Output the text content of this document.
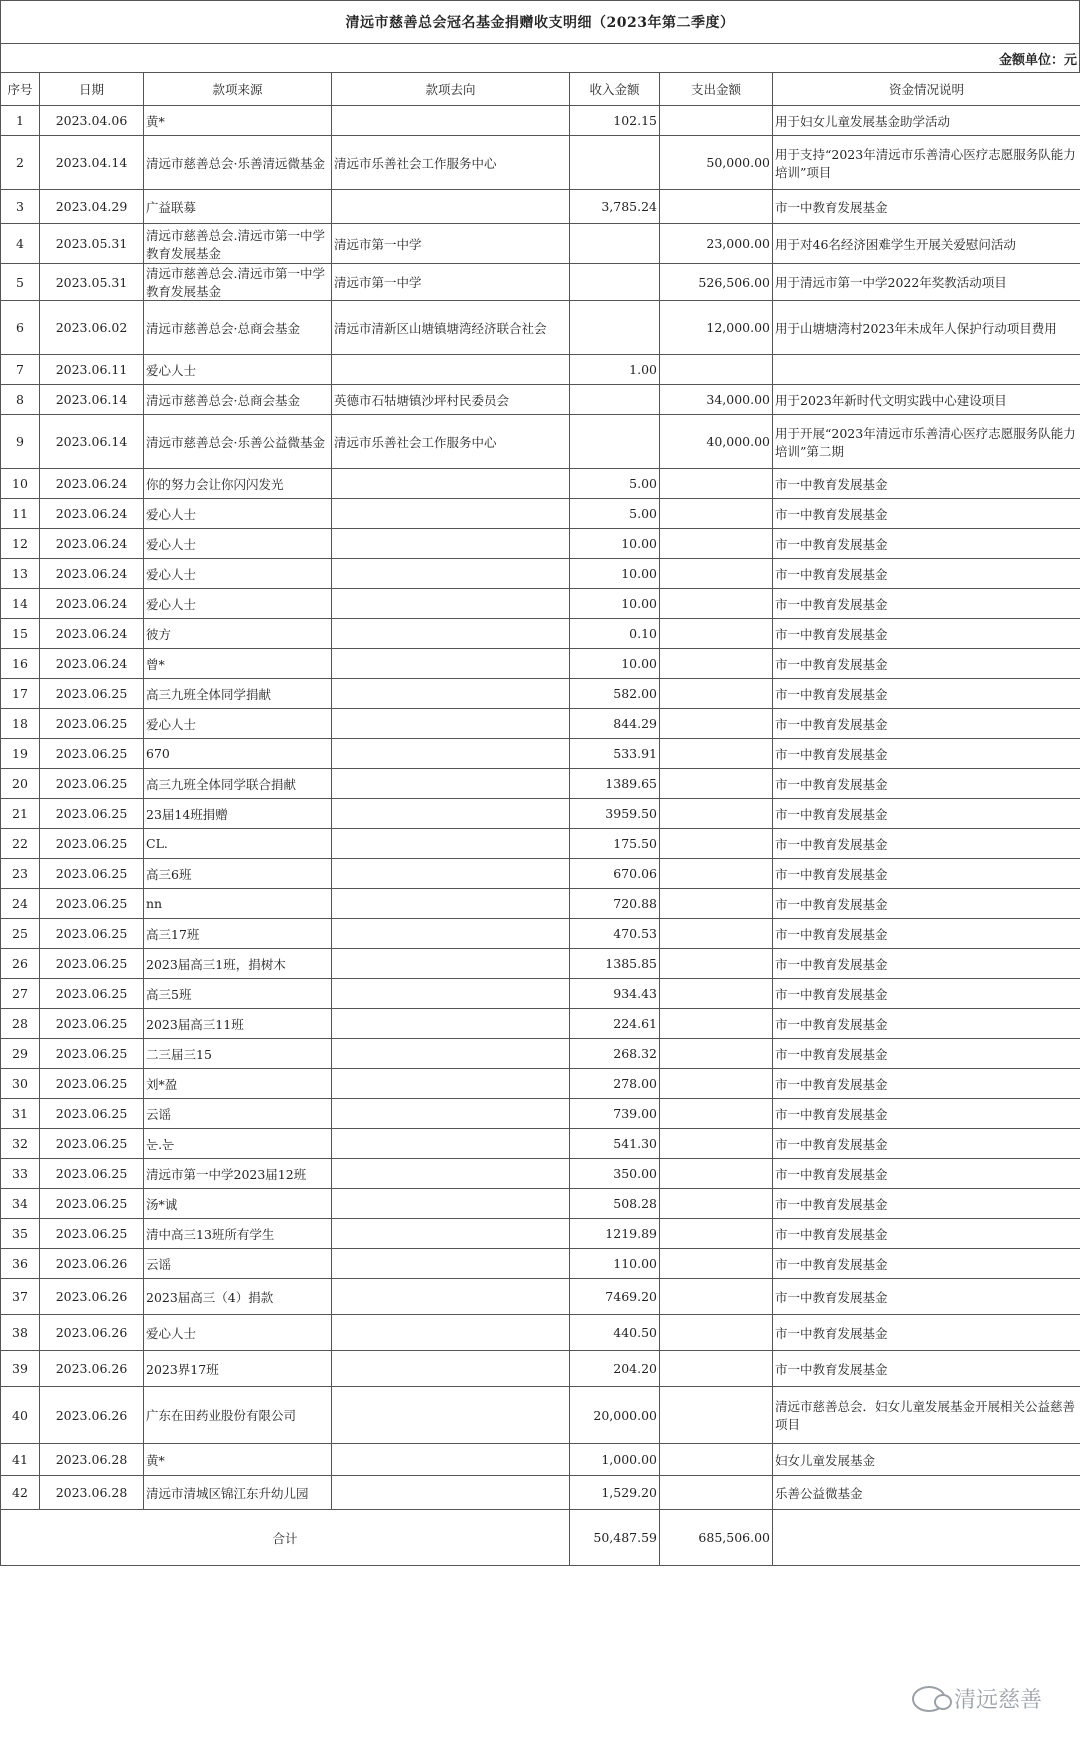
清远市慈善总会冠名基金捐赠收支明细（2023年第二季度）
金额单位：元
序号	日期	款项来源	款项去向	收入金额	支出金额	资金情况说明
1	2023.04.06	黄*		102.15		用于妇女儿童发展基金助学活动
2	2023.04.14	清远市慈善总会·乐善清远微基金	清远市乐善社会工作服务中心		50,000.00	用于支持“2023年清远市乐善清心医疗志愿服务队能力培训”项目
3	2023.04.29	广益联募		3,785.24		市一中教育发展基金
4	2023.05.31	清远市慈善总会.清远市第一中学教育发展基金	清远市第一中学		23,000.00	用于对46名经济困难学生开展关爱慰问活动
5	2023.05.31	清远市慈善总会.清远市第一中学教育发展基金	清远市第一中学		526,506.00	用于清远市第一中学2022年奖教活动项目
6	2023.06.02	清远市慈善总会·总商会基金	清远市清新区山塘镇塘湾经济联合社会		12,000.00	用于山塘塘湾村2023年未成年人保护行动项目费用
7	2023.06.11	爱心人士		1.00		
8	2023.06.14	清远市慈善总会·总商会基金	英德市石牯塘镇沙坪村民委员会		34,000.00	用于2023年新时代文明实践中心建设项目
9	2023.06.14	清远市慈善总会·乐善公益微基金	清远市乐善社会工作服务中心		40,000.00	用于开展“2023年清远市乐善清心医疗志愿服务队能力培训”第二期
10	2023.06.24	你的努力会让你闪闪发光		5.00		市一中教育发展基金
11	2023.06.24	爱心人士		5.00		市一中教育发展基金
12	2023.06.24	爱心人士		10.00		市一中教育发展基金
13	2023.06.24	爱心人士		10.00		市一中教育发展基金
14	2023.06.24	爱心人士		10.00		市一中教育发展基金
15	2023.06.24	彼方		0.10		市一中教育发展基金
16	2023.06.24	曾*		10.00		市一中教育发展基金
17	2023.06.25	高三九班全体同学捐献		582.00		市一中教育发展基金
18	2023.06.25	爱心人士		844.29		市一中教育发展基金
19	2023.06.25	670		533.91		市一中教育发展基金
20	2023.06.25	高三九班全体同学联合捐献		1389.65		市一中教育发展基金
21	2023.06.25	23届14班捐赠		3959.50		市一中教育发展基金
22	2023.06.25	CL.		175.50		市一中教育发展基金
23	2023.06.25	高三6班		670.06		市一中教育发展基金
24	2023.06.25	nn		720.88		市一中教育发展基金
25	2023.06.25	高三17班		470.53		市一中教育发展基金
26	2023.06.25	2023届高三1班，捐树木		1385.85		市一中教育发展基金
27	2023.06.25	高三5班		934.43		市一中教育发展基金
28	2023.06.25	2023届高三11班		224.61		市一中教育发展基金
29	2023.06.25	二三届三15		268.32		市一中教育发展基金
30	2023.06.25	刘*盈		278.00		市一中教育发展基金
31	2023.06.25	云谣		739.00		市一中教育发展基金
32	2023.06.25	눈.눈		541.30		市一中教育发展基金
33	2023.06.25	清远市第一中学2023届12班		350.00		市一中教育发展基金
34	2023.06.25	汤*诚		508.28		市一中教育发展基金
35	2023.06.25	清中高三13班所有学生		1219.89		市一中教育发展基金
36	2023.06.26	云谣		110.00		市一中教育发展基金
37	2023.06.26	2023届高三（4）捐款		7469.20		市一中教育发展基金
38	2023.06.26	爱心人士		440.50		市一中教育发展基金
39	2023.06.26	2023界17班		204.20		市一中教育发展基金
40	2023.06.26	广东在田药业股份有限公司		20,000.00		清远市慈善总会．妇女儿童发展基金开展相关公益慈善项目
41	2023.06.28	黄*		1,000.00		妇女儿童发展基金
42	2023.06.28	清远市清城区锦江东升幼儿园		1,529.20		乐善公益微基金
合计				50,487.59	685,506.00	
清远慈善
